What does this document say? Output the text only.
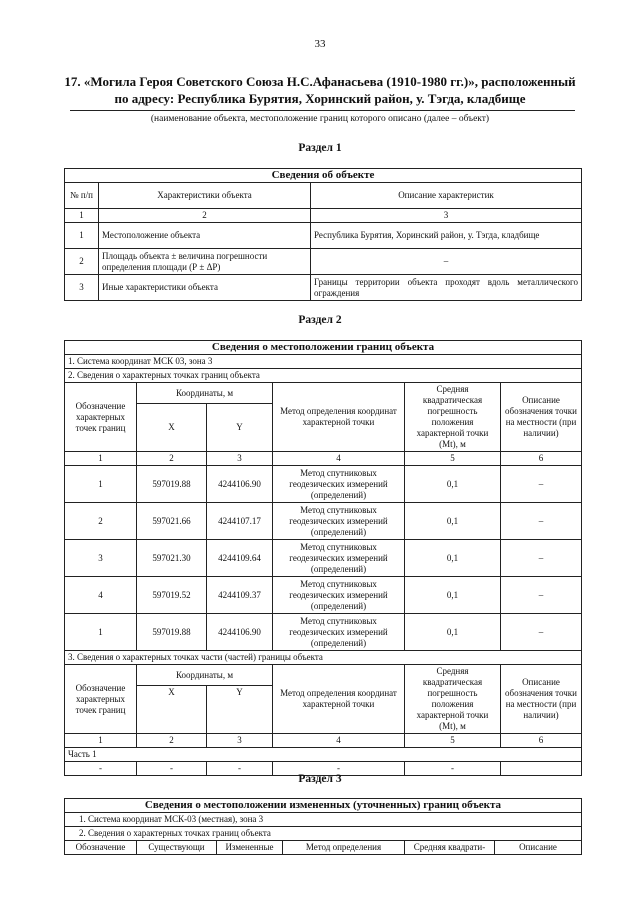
33
17. «Могила Героя Советского Союза Н.С.Афанасьева (1910-1980 гг.)», расположенный по адресу: Республика Бурятия, Хоринский район, у. Тэгда, кладбище
(наименование объекта, местоположение границ которого описано (далее – объект)
Раздел 1
Сведения об объекте		
№ п/п	Характеристики объекта	Описание характеристик
1	2	3
1	Местоположение объекта	Республика Бурятия, Хоринский район, у. Тэгда, кладбище
2	Площадь объекта ± величина погрешности определения площади (Р ± ΔР)	–
3	Иные характеристики объекта	Границы территории объекта проходят вдоль металлического ограждения
Раздел 2
Сведения о местоположении границ объекта					
1. Система координат МСК 03, зона 3					
2. Сведения о характерных точках границ объекта					
Обозначение характерных точек границ	Координаты, м		Метод определения координат характерной точки	Средняя квадратическая погрешность положения характерной точки (Mt), м	Описание обозначения точки на местности (при наличии)
	X	Y			
1	2	3	4	5	6
1	597019.88	4244106.90	Метод спутниковых геодезических измерений (определений)	0,1	–
2	597021.66	4244107.17	Метод спутниковых геодезических измерений (определений)	0,1	–
3	597021.30	4244109.64	Метод спутниковых геодезических измерений (определений)	0,1	–
4	597019.52	4244109.37	Метод спутниковых геодезических измерений (определений)	0,1	–
1	597019.88	4244106.90	Метод спутниковых геодезических измерений (определений)	0,1	–
3. Сведения о характерных точках части (частей) границы объекта					
Обозначение характерных точек границ	Координаты, м		Метод определения координат характерной точки	Средняя квадратическая погрешность положения характерной точки (Mt), м	Описание обозначения точки на местности (при наличии)
	X	Y			
1	2	3	4	5	6
Часть 1					
-	-	-	-	-	
Раздел 3
Сведения о местоположении измененных (уточненных) границ объекта
1. Система координат МСК-03 (местная), зона 3
2. Сведения о характерных точках границ объекта
Обозначение	Существующи	Измененные	Метод определения	Средняя квадрати-	Описание
